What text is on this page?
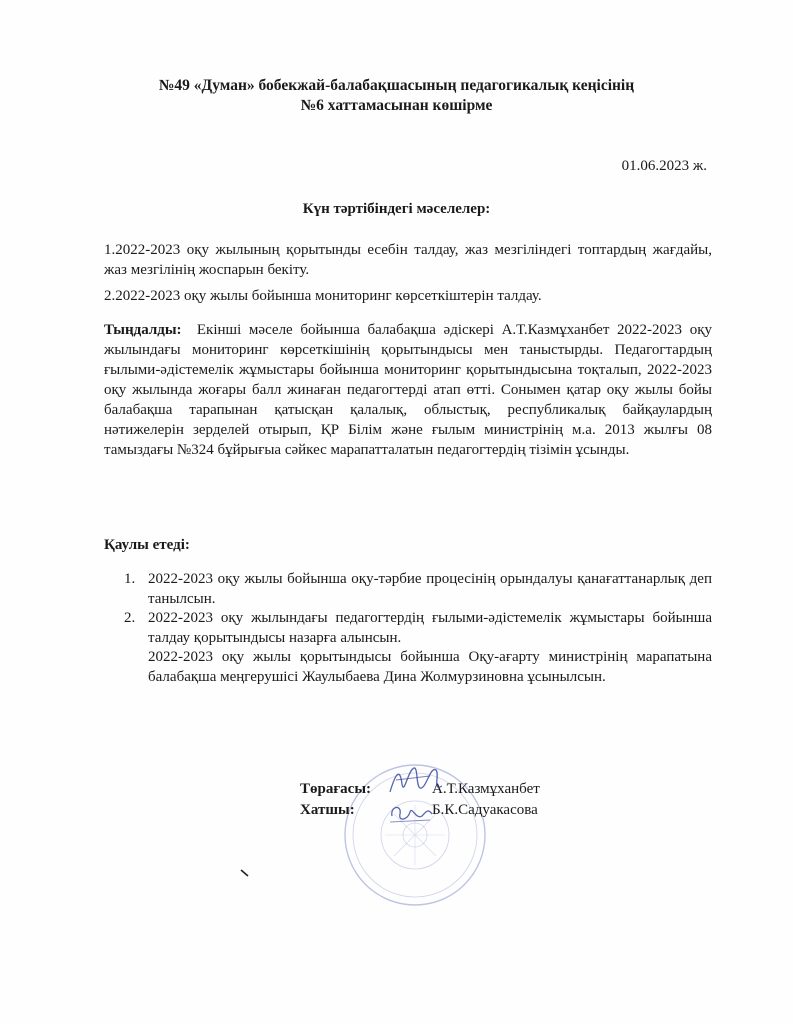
№49 «Думан» бобекжай-балабақшасының педагогикалық кеңісінің
№6 хаттамасынан көшірме
01.06.2023 ж.
Күн тәртібіндегі мәселелер:
1.2022-2023 оқу жылының қорытынды есебін талдау, жаз мезгіліндегі топтардың жағдайы, жаз мезгілінің жоспарын бекіту.
2.2022-2023 оқу жылы бойынша мониторинг көрсеткіштерін талдау.
Тыңдалды: Екінші мәселе бойынша балабақша әдіскері А.Т.Казмұханбет 2022-2023 оқу жылындағы мониторинг көрсеткішінің қорытындысы мен таныстырды. Педагогтардың ғылыми-әдістемелік жұмыстары бойынша мониторинг қорытындысына тоқталып, 2022-2023 оқу жылында жоғары балл жинаған педагогтерді атап өтті. Сонымен қатар оқу жылы бойы балабақша тарапынан қатысқан қалалық, облыстық, республикалық байқаулардың нәтижелерін зерделей отырып, ҚР Білім және ғылым министрінің м.а. 2013 жылғы 08 тамыздағы №324 бұйрығыа сәйкес марапатталатын педагогтердің тізімін ұсынды.
Қаулы етеді:
1. 2022-2023 оқу жылы бойынша оқу-тәрбие процесінің орындалуы қанағаттанарлық деп танылсын.
2. 2022-2023 оқу жылындағы педагогтердің ғылыми-әдістемелік жұмыстары бойынша талдау қорытындысы назарға алынсын.
2022-2023 оқу жылы қорытындысы бойынша Оқу-ағарту министрінің марапатына балабақша меңгерушісі Жаулыбаева Дина Жолмурзиновна ұсынылсын.
Төрағасы:	А.Т.Казмұханбет
Хатшы:	Б.К.Садуакасова
